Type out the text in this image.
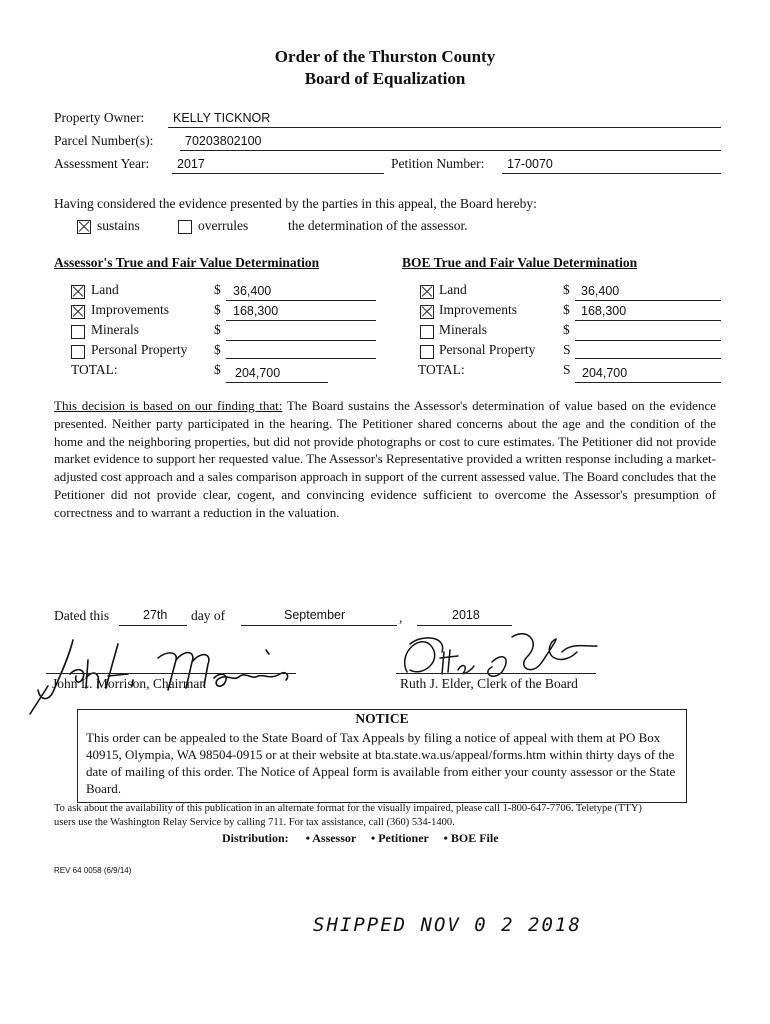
Order of the Thurston County
Board of Equalization
Property Owner: KELLY TICKNOR
Parcel Number(s):	70203802100
Assessment Year: 2017	Petition Number: 17-0070
Having considered the evidence presented by the parties in this appeal, the Board hereby:
sustains	overrules	the determination of the assessor.
Assessor's True and Fair Value Determination
Land	$ 36,400
Improvements	$ 168,300
Minerals	$
Personal Property $
TOTAL:	$ 204,700
BOE True and Fair Value Determination
Land	$ 36,400
Improvements	$ 168,300
Minerals	$
Personal Property S
TOTAL:	S 204,700
This decision is based on our finding that: The Board sustains the Assessor's determination of value based on the evidence presented. Neither party participated in the hearing. The Petitioner shared concerns about the age and the condition of the home and the neighboring properties, but did not provide photographs or cost to cure estimates. The Petitioner did not provide market evidence to support her requested value. The Assessor's Representative provided a written response including a market-adjusted cost approach and a sales comparison approach in support of the current assessed value. The Board concludes that the Petitioner did not provide clear, cogent, and convincing evidence sufficient to overcome the Assessor's presumption of correctness and to warrant a reduction in the valuation.
Dated this	27th day of	September	,	2018
John L. Morrison, Chairman	Ruth J. Elder, Clerk of the Board
NOTICE
This order can be appealed to the State Board of Tax Appeals by filing a notice of appeal with them at PO Box 40915, Olympia, WA 98504-0915 or at their website at bta.state.wa.us/appeal/forms.htm within thirty days of the date of mailing of this order. The Notice of Appeal form is available from either your county assessor or the State Board.
To ask about the availability of this publication in an alternate format for the visually impaired, please call 1-800-647-7706. Teletype (TTY) users use the Washington Relay Service by calling 711. For tax assistance, call (360) 534-1400.
Distribution: • Assessor • Petitioner • BOE File
REV 64 0058 (6/9/14)
SHIPPED NOV 0 2 2018
